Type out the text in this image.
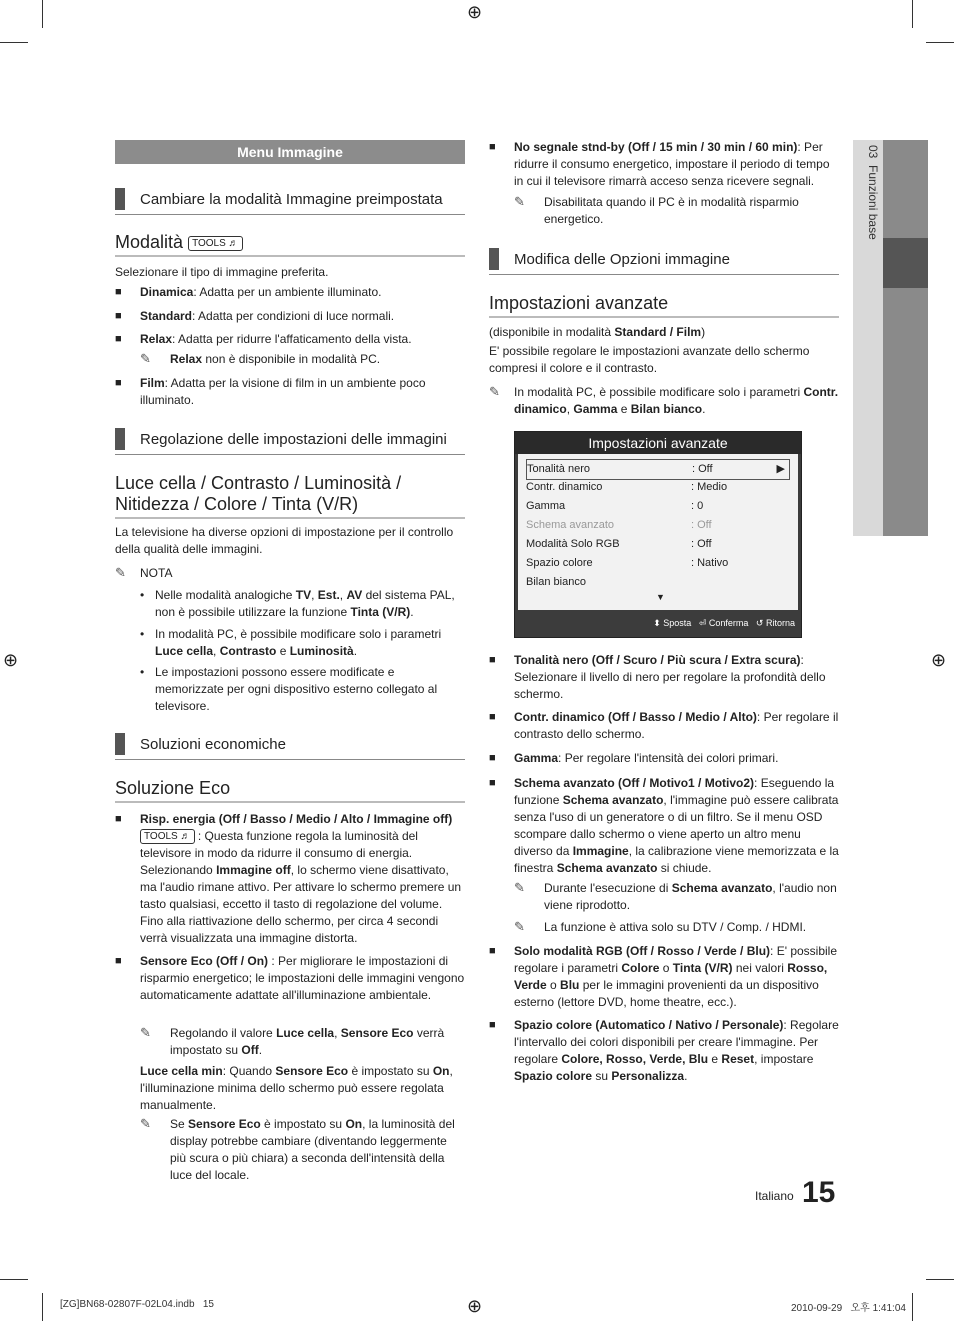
⊕
⊕	⊕
⊕
03  Funzioni base
Menu Immagine
Cambiare la modalità Immagine preimpostata
Modalità TOOLS ♬
Selezionare il tipo di immagine preferita.
■ Dinamica: Adatta per un ambiente illuminato.
■ Standard: Adatta per condizioni di luce normali.
■ Relax: Adatta per ridurre l'affaticamento della vista.
✎ Relax non è disponibile in modalità PC.
■ Film: Adatta per la visione di film in un ambiente poco illuminato.
Regolazione delle impostazioni delle immagini
Luce cella / Contrasto / Luminosità / Nitidezza / Colore / Tinta (V/R)
La televisione ha diverse opzioni di impostazione per il controllo della qualità delle immagini.
✎ NOTA
• Nelle modalità analogiche TV, Est., AV del sistema PAL, non è possibile utilizzare la funzione Tinta (V/R).
• In modalità PC, è possibile modificare solo i parametri Luce cella, Contrasto e Luminosità.
• Le impostazioni possono essere modificate e memorizzate per ogni dispositivo esterno collegato al televisore.
Soluzioni economiche
Soluzione Eco
■ Risp. energia (Off / Basso / Medio / Alto / Immagine off) TOOLS ♬ : Questa funzione regola la luminosità del televisore in modo da ridurre il consumo di energia. Selezionando Immagine off, lo schermo viene disattivato, ma l'audio rimane attivo. Per attivare lo schermo premere un tasto qualsiasi, eccetto il tasto di regolazione del volume. Fino alla riattivazione dello schermo, per circa 4 secondi verrà visualizzata una immagine distorta.
■ Sensore Eco (Off / On) : Per migliorare le impostazioni di risparmio energetico; le impostazioni delle immagini vengono automaticamente adattate all'illuminazione ambientale.
✎ Regolando il valore Luce cella, Sensore Eco verrà impostato su Off.
Luce cella min: Quando Sensore Eco è impostato su On, l'illuminazione minima dello schermo può essere regolata manualmente.
✎ Se Sensore Eco è impostato su On, la luminosità del display potrebbe cambiare (diventando leggermente più scura o più chiara) a seconda dell'intensità della luce del locale.
■ No segnale stnd-by (Off / 15 min / 30 min / 60 min): Per ridurre il consumo energetico, impostare il periodo di tempo in cui il televisore rimarrà acceso senza ricevere segnali.
✎ Disabilitata quando il PC è in modalità risparmio energetico.
Modifica delle Opzioni immagine
Impostazioni avanzate
(disponibile in modalità Standard / Film)
E' possibile regolare le impostazioni avanzate dello schermo compresi il colore e il contrasto.
✎ In modalità PC, è possibile modificare solo i parametri Contr. dinamico, Gamma e Bilan bianco.
Impostazioni avanzate
Tonalità nero	: Off	▶
Contr. dinamico	: Medio
Gamma	: 0
Schema avanzato	: Off
Modalità Solo RGB	: Off
Spazio colore	: Nativo
Bilan bianco
▼
⬍ Sposta ⏎ Conferma ↺ Ritorna
■ Tonalità nero (Off / Scuro / Più scura / Extra scura): Selezionare il livello di nero per regolare la profondità dello schermo.
■ Contr. dinamico (Off / Basso / Medio / Alto): Per regolare il contrasto dello schermo.
■ Gamma: Per regolare l'intensità dei colori primari.
■ Schema avanzato (Off / Motivo1 / Motivo2): Eseguendo la funzione Schema avanzato, l'immagine può essere calibrata senza l'uso di un generatore o di un filtro. Se il menu OSD scompare dallo schermo o viene aperto un altro menu diverso da Immagine, la calibrazione viene memorizzata e la finestra Schema avanzato si chiude.
✎ Durante l'esecuzione di Schema avanzato, l'audio non viene riprodotto.
✎ La funzione è attiva solo su DTV / Comp. / HDMI.
■ Solo modalità RGB (Off / Rosso / Verde / Blu): E' possibile regolare i parametri Colore o Tinta (V/R) nei valori Rosso, Verde o Blu per le immagini provenienti da un dispositivo esterno (lettore DVD, home theatre, ecc.).
■ Spazio colore (Automatico / Nativo / Personale): Regolare l'intervallo dei colori disponibili per creare l'immagine. Per regolare Colore, Rosso, Verde, Blu e Reset, impostare Spazio colore su Personalizza.
Italiano 15
[ZG]BN68-02807F-02L04.indb   15	2010-09-29   오후 1:41:04
